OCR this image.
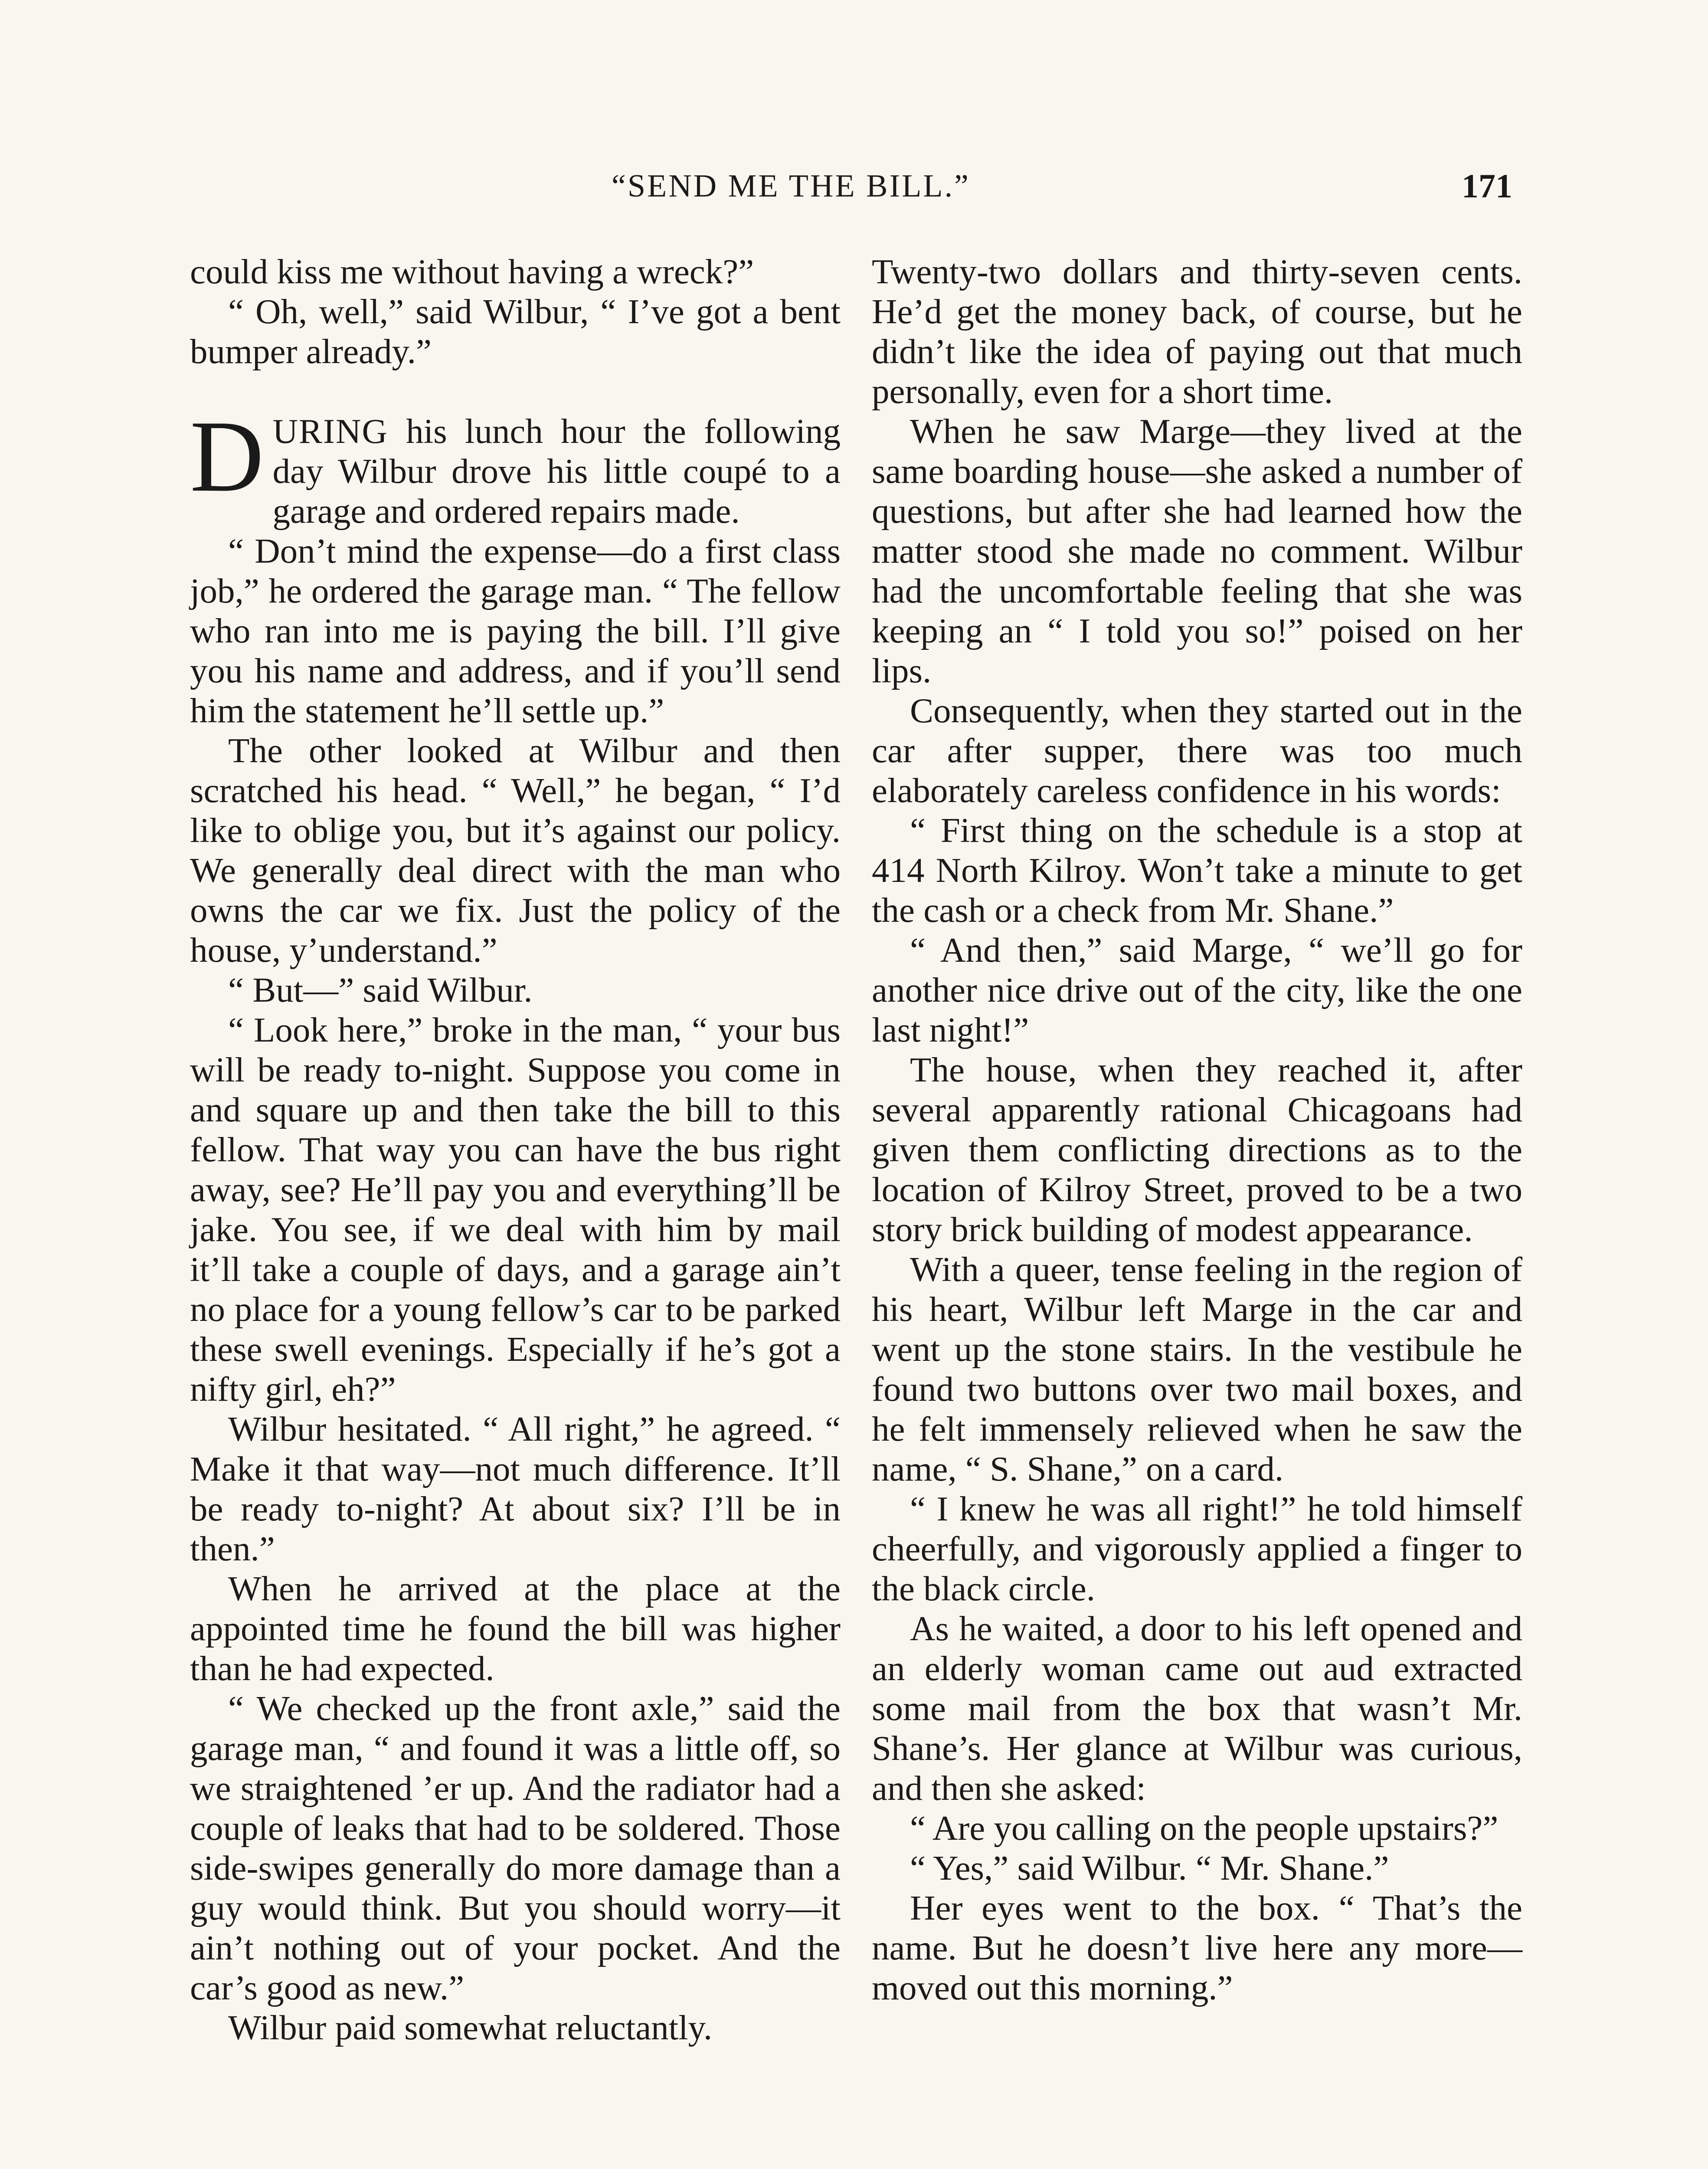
“SEND ME THE BILL.”	171

could kiss me without having a wreck?”

“ Oh, well,” said Wilbur, “ I’ve got a bent bumper already.”

DURING his lunch hour the following day Wilbur drove his little coupé to a garage and ordered repairs made.

“ Don’t mind the expense—do a first class job,” he ordered the garage man. “ The fellow who ran into me is paying the bill. I’ll give you his name and address, and if you’ll send him the statement he’ll settle up.”

The other looked at Wilbur and then scratched his head. “ Well,” he began, “ I’d like to oblige you, but it’s against our policy. We generally deal direct with the man who owns the car we fix. Just the policy of the house, y’understand.”

“ But—” said Wilbur.

“ Look here,” broke in the man, “ your bus will be ready to-night. Suppose you come in and square up and then take the bill to this fellow. That way you can have the bus right away, see? He’ll pay you and everything’ll be jake. You see, if we deal with him by mail it’ll take a couple of days, and a garage ain’t no place for a young fellow’s car to be parked these swell evenings. Especially if he’s got a nifty girl, eh?”

Wilbur hesitated. “ All right,” he agreed. “ Make it that way—not much difference. It’ll be ready to-night? At about six? I’ll be in then.”

When he arrived at the place at the appointed time he found the bill was higher than he had expected.

“ We checked up the front axle,” said the garage man, “ and found it was a little off, so we straightened ’er up. And the radiator had a couple of leaks that had to be soldered. Those side-swipes generally do more damage than a guy would think. But you should worry—it ain’t nothing out of your pocket. And the car’s good as new.”

Wilbur paid somewhat reluctantly.

Twenty-two dollars and thirty-seven cents. He’d get the money back, of course, but he didn’t like the idea of paying out that much personally, even for a short time.

When he saw Marge—they lived at the same boarding house—she asked a number of questions, but after she had learned how the matter stood she made no comment. Wilbur had the uncomfortable feeling that she was keeping an “ I told you so!” poised on her lips.

Consequently, when they started out in the car after supper, there was too much elaborately careless confidence in his words:

“ First thing on the schedule is a stop at 414 North Kilroy. Won’t take a minute to get the cash or a check from Mr. Shane.”

“ And then,” said Marge, “ we’ll go for another nice drive out of the city, like the one last night!”

The house, when they reached it, after several apparently rational Chicagoans had given them conflicting directions as to the location of Kilroy Street, proved to be a two story brick building of modest appearance.

With a queer, tense feeling in the region of his heart, Wilbur left Marge in the car and went up the stone stairs. In the vestibule he found two buttons over two mail boxes, and he felt immensely relieved when he saw the name, “ S. Shane,” on a card.

“ I knew he was all right!” he told himself cheerfully, and vigorously applied a finger to the black circle.

As he waited, a door to his left opened and an elderly woman came out aud extracted some mail from the box that wasn’t Mr. Shane’s. Her glance at Wilbur was curious, and then she asked:

“ Are you calling on the people upstairs?”

“ Yes,” said Wilbur. “ Mr. Shane.”

Her eyes went to the box. “ That’s the name. But he doesn’t live here any more—moved out this morning.”
